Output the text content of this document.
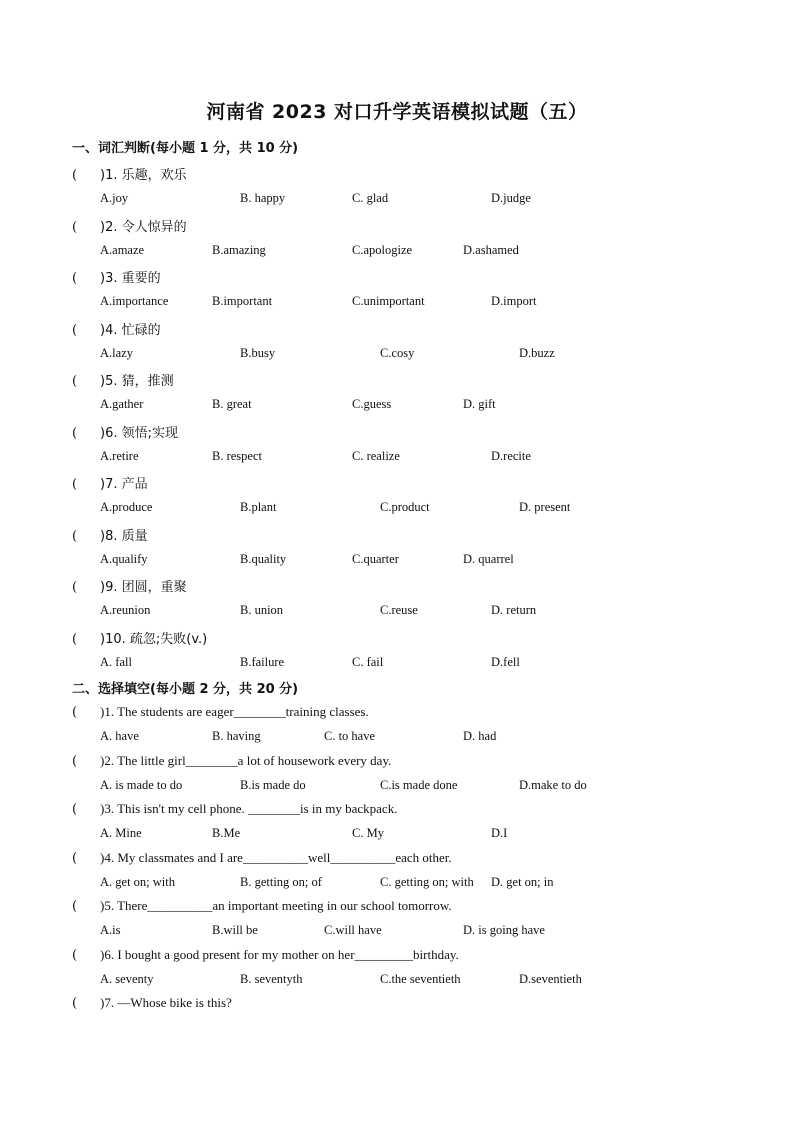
河南省 2023 对口升学英语模拟试题（五）
一、词汇判断(每小题 1 分，共 10 分)
( )1. 乐趣，欢乐
A.joy	B. happy	C. glad	D.judge
( )2. 令人惊异的
A.amaze	B.amazing	C.apologize	D.ashamed
( )3. 重要的
A.importance	B.important	C.unimportant	D.import
( )4. 忙碌的
A.lazy	B.busy	C.cosy	D.buzz
( )5. 猜，推测
A.gather	B. great	C.guess	D. gift
( )6. 领悟;实现
A.retire	B. respect	C. realize	D.recite
( )7. 产品
A.produce	B.plant	C.product	D. present
( )8. 质量
A.qualify	B.quality	C.quarter	D. quarrel
( )9. 团圆，重聚
A.reunion	B. union	C.reuse	D. return
( )10. 疏忽;失败(v.)
A. fall	B.failure	C. fail	D.fell
二、选择填空(每小题 2 分，共 20 分)
( )1. The students are eager________training classes.
A. have	B. having	C. to have	D. had
( )2. The little girl________a lot of housework every day.
A. is made to do	B.is made do	C.is made done	D.make to do
( )3. This isn't my cell phone. ________is in my backpack.
A. Mine	B.Me	C. My	D.I
( )4. My classmates and I are__________well__________each other.
A. get on; with	B. getting on; of	C. getting on; with D. get on; in
( )5. There__________an important meeting in our school tomorrow.
A.is	B.will be	C.will have	D. is going have
( )6. I bought a good present for my mother on her_________birthday.
A. seventy	B. seventyth	C.the seventieth	D.seventieth
( )7. —Whose bike is this?
